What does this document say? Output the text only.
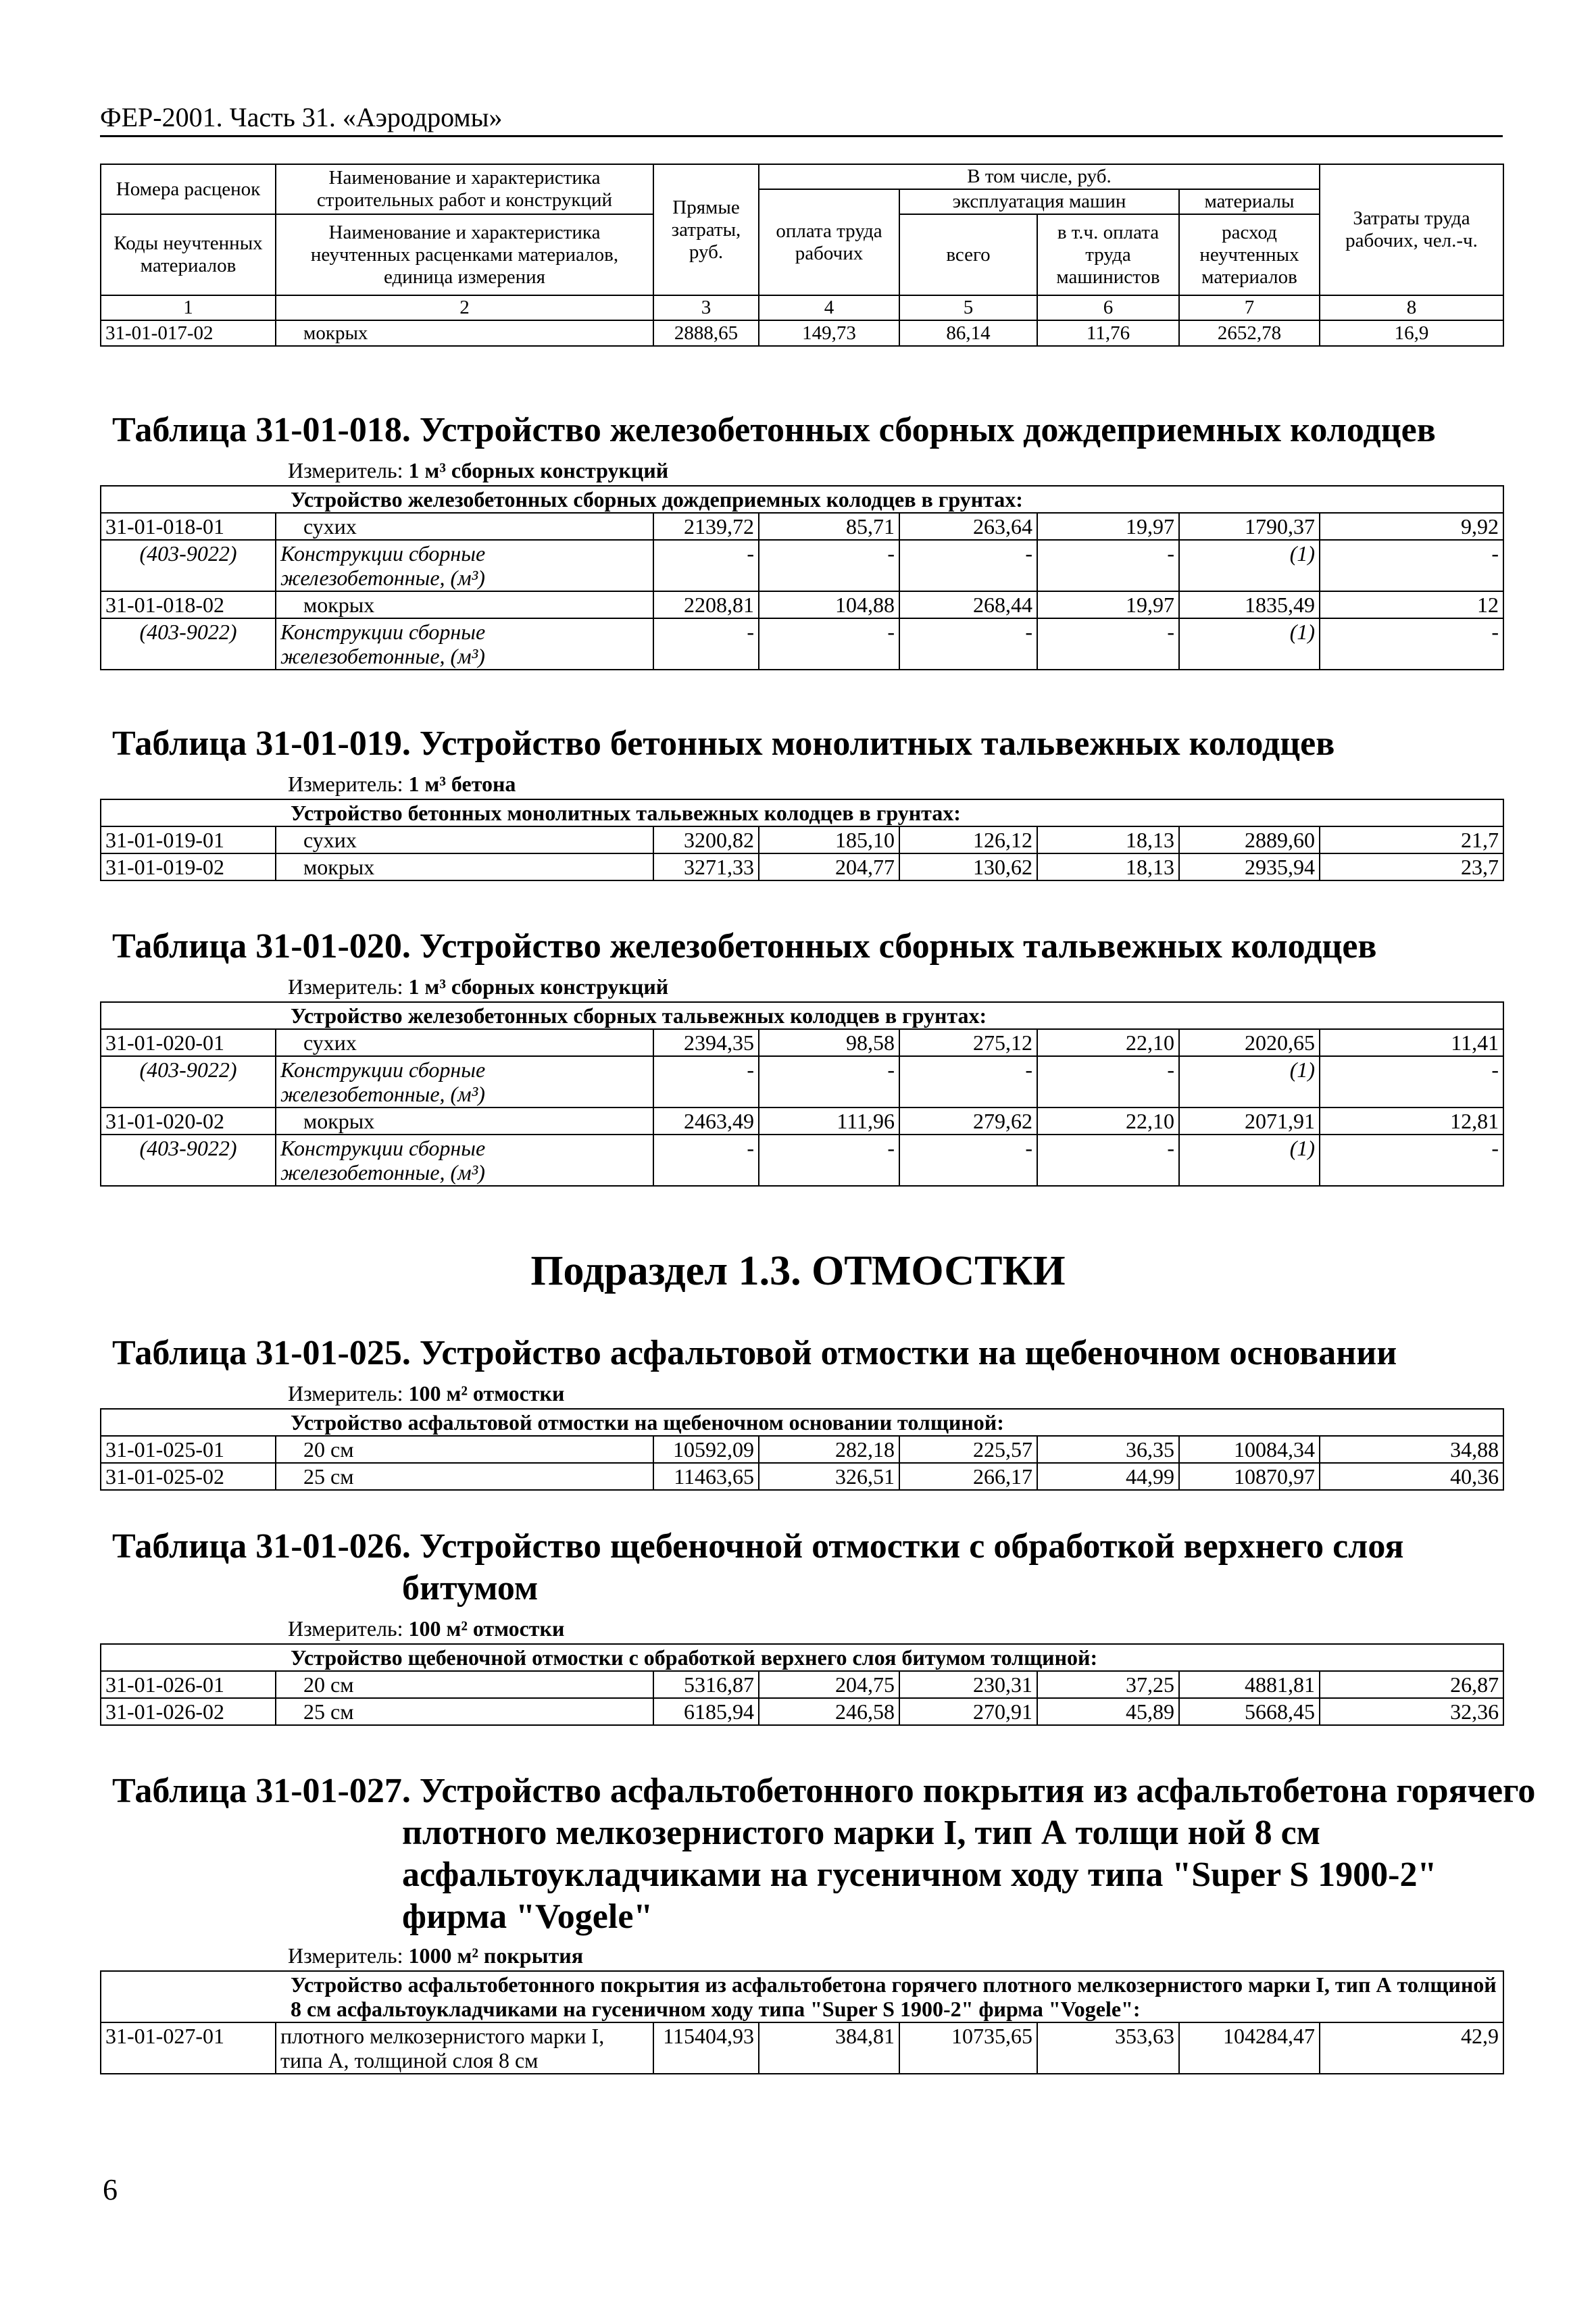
ФЕР-2001. Часть 31. «Аэродромы»
Номера расценок	Наименование и характеристика строительных работ и конструкций	Прямые затраты, руб.	В том числе, руб.				Затраты труда рабочих, чел.-ч.
			оплата труда рабочих	эксплуатация машин		материалы	
Коды неучтенных материалов	Наименование и характеристика неучтенных расценками материалов, единица измерения			всего	в т.ч. оплата труда машинистов	расход неучтенных материалов	

1	2	3	4	5	6	7	8
31-01-017-02	мокрых	2888,65	149,73	86,14	11,76	2652,78	16,9
Таблица 31-01-018. Устройство железобетонных сборных дождеприемных колодцев
Измеритель: 1 м³ сборных конструкций
Устройство железобетонных сборных дождеприемных колодцев в грунтах:							
31-01-018-01	сухих	2139,72	85,71	263,64	19,97	1790,37	9,92
(403-9022)	Конструкции сборные железобетонные, (м³)	-	-	-	-	(1)	-
31-01-018-02	мокрых	2208,81	104,88	268,44	19,97	1835,49	12
(403-9022)	Конструкции сборные железобетонные, (м³)	-	-	-	-	(1)	-
Таблица 31-01-019. Устройство бетонных монолитных тальвежных колодцев
Измеритель: 1 м³ бетона
Устройство бетонных монолитных тальвежных колодцев в грунтах:							
31-01-019-01	сухих	3200,82	185,10	126,12	18,13	2889,60	21,7
31-01-019-02	мокрых	3271,33	204,77	130,62	18,13	2935,94	23,7
Таблица 31-01-020. Устройство железобетонных сборных тальвежных колодцев
Измеритель: 1 м³ сборных конструкций
Устройство железобетонных сборных тальвежных колодцев в грунтах:							
31-01-020-01	сухих	2394,35	98,58	275,12	22,10	2020,65	11,41
(403-9022)	Конструкции сборные железобетонные, (м³)	-	-	-	-	(1)	-
31-01-020-02	мокрых	2463,49	111,96	279,62	22,10	2071,91	12,81
(403-9022)	Конструкции сборные железобетонные, (м³)	-	-	-	-	(1)	-
Подраздел 1.3. ОТМОСТКИ
Таблица 31-01-025. Устройство асфальтовой отмостки на щебеночном основании
Измеритель: 100 м² отмостки
Устройство асфальтовой отмостки на щебеночном основании толщиной:							
31-01-025-01	20 см	10592,09	282,18	225,57	36,35	10084,34	34,88
31-01-025-02	25 см	11463,65	326,51	266,17	44,99	10870,97	40,36
Таблица 31-01-026. Устройство щебеночной отмостки с обработкой верхнего слоя
битумом
Измеритель: 100 м² отмостки
Устройство щебеночной отмостки с обработкой верхнего слоя битумом толщиной:							
31-01-026-01	20 см	5316,87	204,75	230,31	37,25	4881,81	26,87
31-01-026-02	25 см	6185,94	246,58	270,91	45,89	5668,45	32,36
Таблица 31-01-027. Устройство асфальтобетонного покрытия из асфальтобетона горячего
плотного мелкозернистого марки I, тип А толщи ной 8 см
асфальтоукладчиками на гусеничном ходу типа "Super S 1900-2"
фирма "Vogele"
Измеритель: 1000 м² покрытия
Устройство асфальтобетонного покрытия из асфальтобетона горячего плотного мелкозернистого марки I, тип А толщиной 8 см асфальтоукладчиками на гусеничном ходу типа "Super S 1900-2" фирма "Vogele":
31-01-027-01	плотного мелкозернистого марки I, типа А, толщиной слоя 8 см	115404,93	384,81	10735,65	353,63	104284,47	42,9
6
